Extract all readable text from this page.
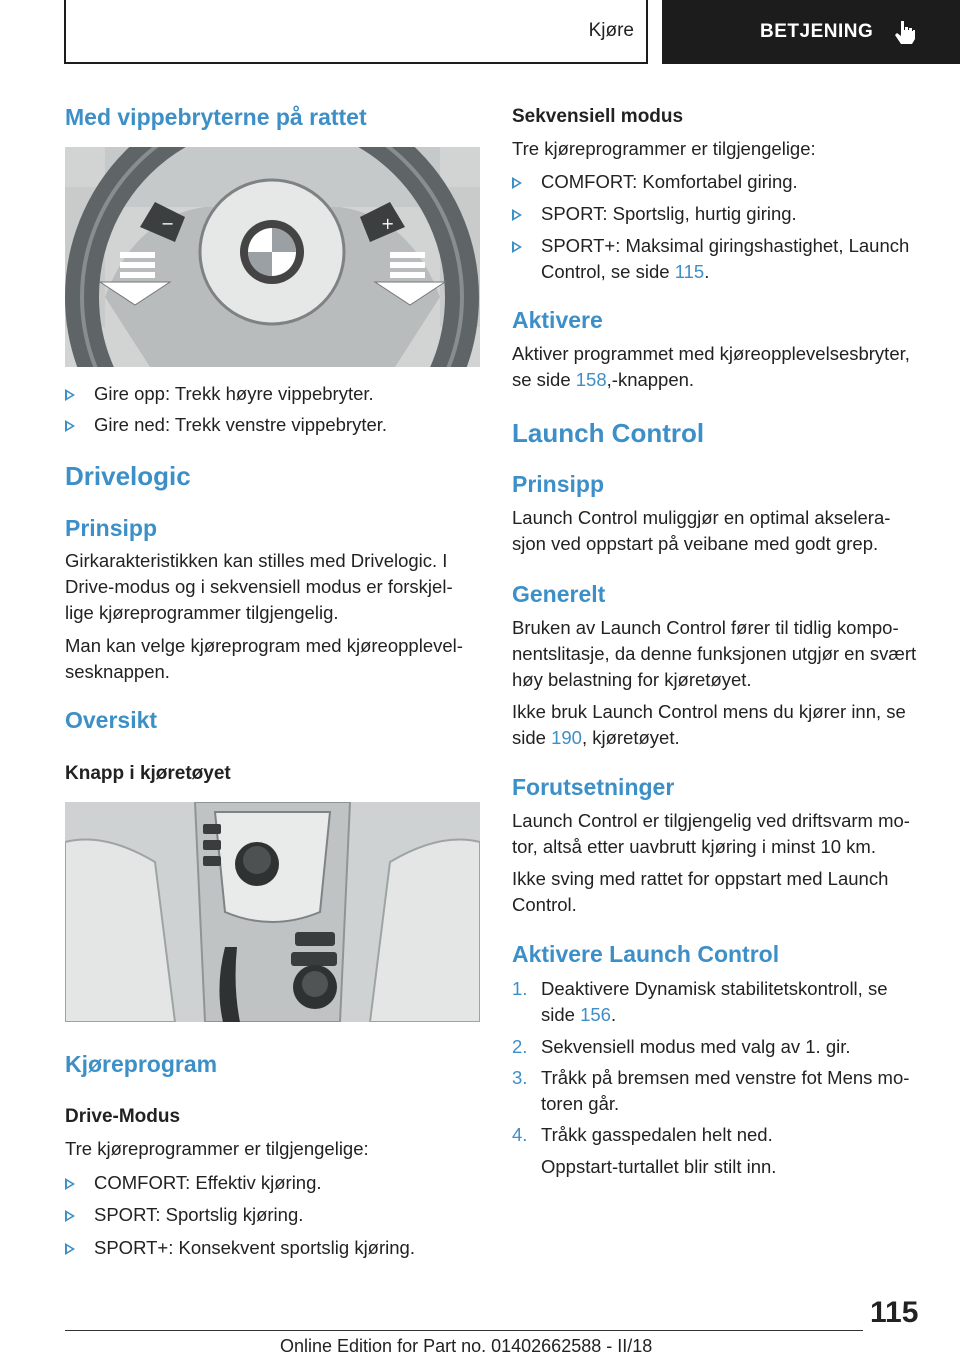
Kjøre	BETJENING
Med vippebryterne på rattet
−	+
Gire opp: Trekk høyre vippebryter.
Gire ned: Trekk venstre vippebryter.
Drivelogic
Prinsipp
Girkarakteristikken kan stilles med Drivelogic. I
Drive-modus og i sekvensiell modus er forskjel-
lige kjøreprogrammer tilgjengelig.
Man kan velge kjøreprogram med kjøreopplevel-
sesknappen.
Oversikt
Knapp i kjøretøyet
Kjøreprogram
Drive-Modus
Tre kjøreprogrammer er tilgjengelige:
COMFORT: Effektiv kjøring.
SPORT: Sportslig kjøring.
SPORT+: Konsekvent sportslig kjøring.
Sekvensiell modus
Tre kjøreprogrammer er tilgjengelige:
COMFORT: Komfortabel giring.
SPORT: Sportslig, hurtig giring.
SPORT+: Maksimal giringshastighet, Launch
Control, se side 115.
Aktivere
Aktiver programmet med kjøreopplevelsesbryter,
se side 158,-knappen.
Launch Control
Prinsipp
Launch Control muliggjør en optimal akselera-
sjon ved oppstart på veibane med godt grep.
Generelt
Bruken av Launch Control fører til tidlig kompo-
nentslitasje, da denne funksjonen utgjør en svært
høy belastning for kjøretøyet.
Ikke bruk Launch Control mens du kjører inn, se
side 190, kjøretøyet.
Forutsetninger
Launch Control er tilgjengelig ved driftsvarm mo-
tor, altså etter uavbrutt kjøring i minst 10 km.
Ikke sving med rattet for oppstart med Launch
Control.
Aktivere Launch Control
1. Deaktivere Dynamisk stabilitetskontroll, se
side 156.
2. Sekvensiell modus med valg av 1. gir.
3. Tråkk på bremsen med venstre fot Mens mo-
toren går.
4. Tråkk gasspedalen helt ned.
Oppstart-turtallet blir stilt inn.
115
Online Edition for Part no. 01402662588 - II/18
